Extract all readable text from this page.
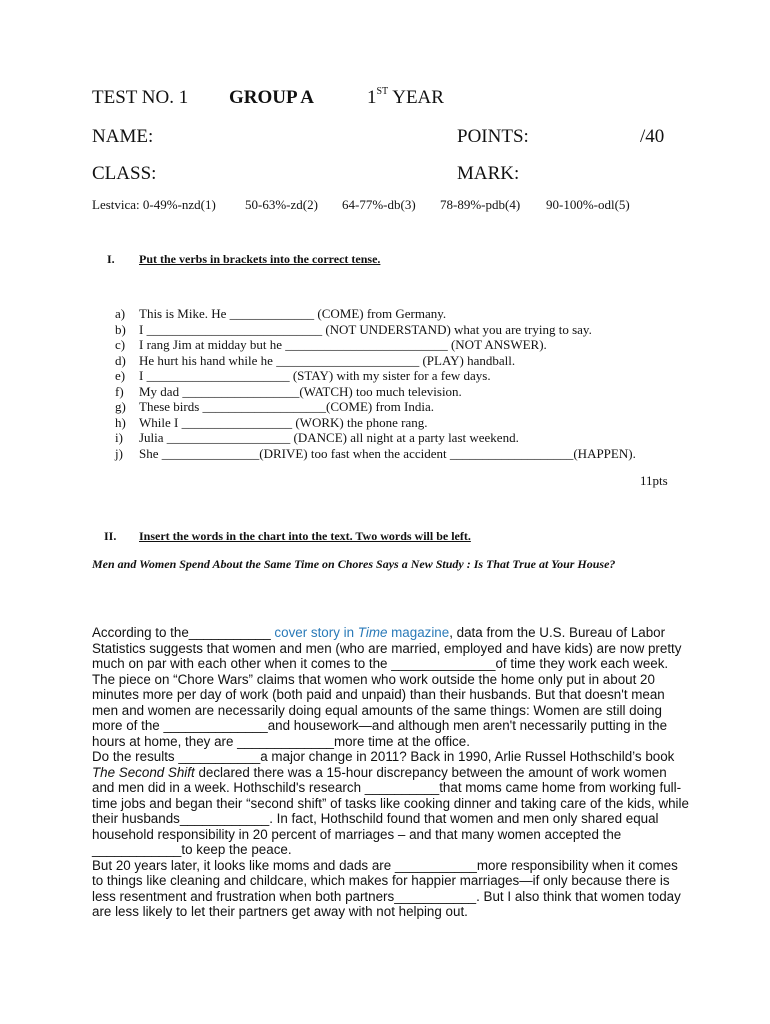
TEST NO. 1 GROUP A	1ST YEAR
NAME:	POINTS:	/40
CLASS:	MARK:
Lestvica: 0-49%-nzd(1) 50-63%-zd(2) 64-77%-db(3) 78-89%-pdb(4) 90-100%-odl(5)
I. Put the verbs in brackets into the correct tense.
a) This is Mike. He _____________ (COME) from Germany.
b) I ___________________________ (NOT UNDERSTAND) what you are trying to say.
c) I rang Jim at midday but he _________________________ (NOT ANSWER).
d) He hurt his hand while he ______________________ (PLAY) handball.
e) I ______________________ (STAY) with my sister for a few days.
f) My dad __________________(WATCH) too much television.
g) These birds ___________________(COME) from India.
h) While I _________________ (WORK) the phone rang.
i) Julia ___________________ (DANCE) all night at a party last weekend.
j) She _______________(DRIVE) too fast when the accident ___________________(HAPPEN).
11pts
II. Insert the words in the chart into the text. Two words will be left.
Men and Women Spend About the Same Time on Chores Says a New Study : Is That True at Your House?

According to the___________ cover story in Time magazine, data from the U.S. Bureau of Labor Statistics suggests that women and men (who are married, employed and have kids) are now pretty much on par with each other when it comes to the ______________of time they work each week. The piece on “Chore Wars” claims that women who work outside the home only put in about 20 minutes more per day of work (both paid and unpaid) than their husbands. But that doesn't mean men and women are necessarily doing equal amounts of the same things: Women are still doing more of the ______________and housework—and although men aren't necessarily putting in the hours at home, they are _____________more time at the office.

Do the results ___________a major change in 2011? Back in 1990, Arlie Russel Hothschild’s book The Second Shift declared there was a 15-hour discrepancy between the amount of work women and men did in a week. Hothschild's research __________that moms came home from working full-time jobs and began their “second shift” of tasks like cooking dinner and taking care of the kids, while their husbands____________. In fact, Hothschild found that women and men only shared equal household responsibility in 20 percent of marriages – and that many women accepted the ____________to keep the peace.

But 20 years later, it looks like moms and dads are ___________more responsibility when it comes to things like cleaning and childcare, which makes for happier marriages—if only because there is less resentment and frustration when both partners___________. But I also think that women today are less likely to let their partners get away with not helping out.
